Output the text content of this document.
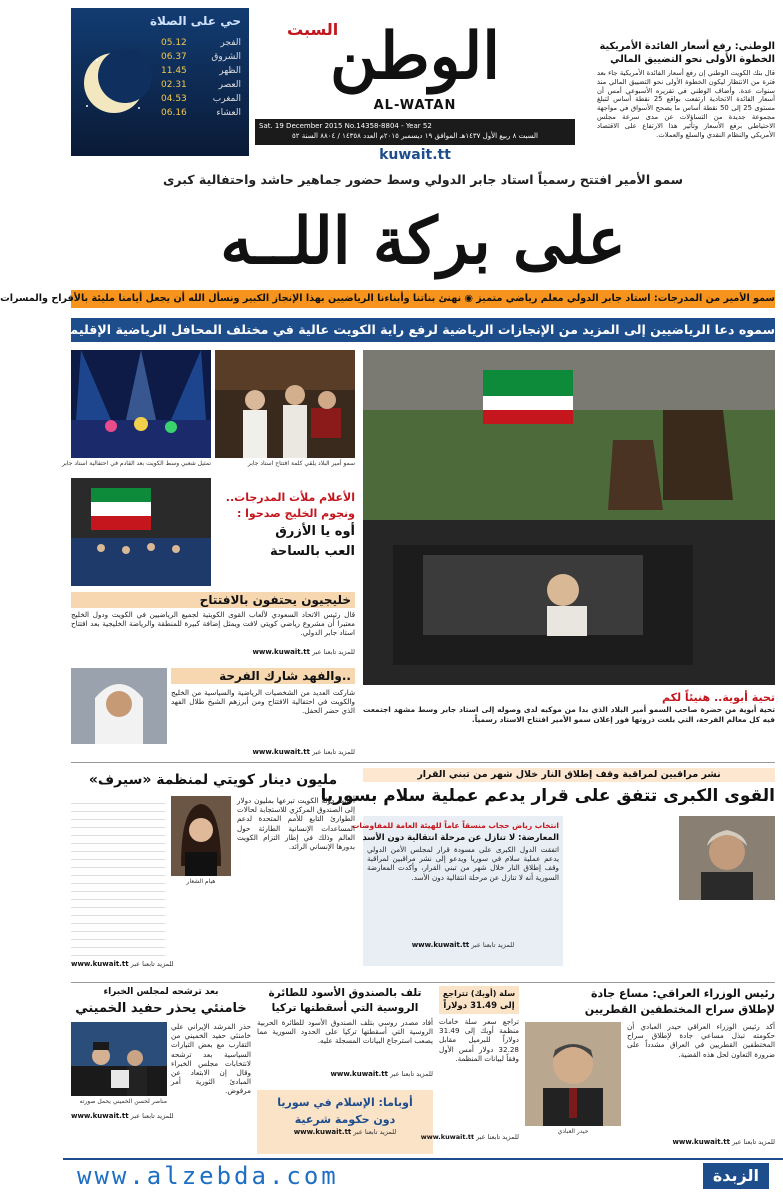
حي على الصلاة
الفجر
05.12
الشروق
06.37
الظهر
11.45
العصر
02.31
المغرب
04.53
العشاء
06.16
السبت
الوطن
AL-WATAN
Sat. 19 December 2015 No.14358-8804 - Year 52
السبت ٨ ربيع الأول ١٤٣٧هـ الموافق ١٩ ديسمبر ٢٠١٥م العدد ١٤٣٥٨ / ٨٨٠٤ السنة ٥٢
kuwait.tt
الوطني: رفع أسعار الفائدة الأمريكية
الخطوة الأولى نحو التضييق المالي
قال بنك الكويت الوطني إن رفع أسعار الفائدة الأمريكية جاء بعد فترة من الانتظار ليكون الخطوة الأولى نحو التضييق المالي منذ سنوات عدة. وأضاف الوطني في تقريره الأسبوعي أمس أن أسعار الفائدة الاتحادية ارتفعت بواقع 25 نقطة أساس لتبلغ مستوى 25 إلى 50 نقطة أساس ما يصحح الأسواق في مواجهة مجموعة جديدة من التساؤلات عن مدى سرعة مجلس الاحتياطي برفع الأسعار وتأثير هذا الارتفاع على الاقتصاد الأمريكي والنظام النقدي والسلع والعملات.
سمو الأمير افتتح رسمياً استاد جابر الدولي وسط حضور جماهير حاشد واحتفالية كبرى
على بركة اللــه
سمو الأمير من المدرجات: استاد جابر الدولي معلم رياضي متميز ◉ نهنئ بناتنا وأبناءنا الرياضيين بهذا الإنجاز الكبير ونسأل الله أن يجعل أيامنا مليئة بالأفراح والمسرات
سموه دعا الرياضيين إلى المزيد من الإنجازات الرياضية لرفع راية الكويت عالية في مختلف المحافل الرياضية الإقليمية والدولية
تمثيل شعبي وسط الكويت بعد القادم في احتفالية استاد جابر	سمو أمير البلاد يلقي كلمة افتتاح استاد جابر
تحية أبوية.. هنيئاً لكم
تحية أبوية من حضرة صاحب السمو أمير البلاد الذي بدا من موكبه لدى وصوله إلى استاد جابر وسط مشهد اجتمعت فيه كل معالم الفرحة، التي بلغت ذروتها فور إعلان سمو الأمير افتتاح الاستاد رسمياً.
الأعلام ملأت المدرجات..
ونجوم الخليج صدحوا :
أوه يا الأزرق
العب بالساحة
خليجيون يحتفون بالافتتاح
قال رئيس الاتحاد السعودي لألعاب القوى الكويتية لجميع الرياضيين في الكويت ودول الخليج معتبرا أن مشروع رياضي كويتي لافت ويمثل إضافة كبيرة للمنطقة والرياضة الخليجية بعد افتتاح استاد جابر الدولي.
للمزيد تابعنا عبر www.kuwait.tt
..والفهد شارك الفرحة
شاركت العديد من الشخصيات الرياضية والسياسية من الخليج والكويت في احتفالية الافتتاح ومن أبرزهم الشيخ طلال الفهد الذي حضر الحفل.
للمزيد تابعنا عبر www.kuwait.tt
نشر مراقبين لمراقبة وقف إطلاق النار خلال شهر من تبني القرار
القوى الكبرى تتفق على قرار يدعم عملية سلام بسوريا
انتخاب رياض حجاب منسقاً عاماً للهيئة العامة للمفاوضات
المعارضة: لا تنازل عن مرحلة انتقالية دون الأسد
اتفقت الدول الكبرى على مسودة قرار لمجلس الأمن الدولي يدعم عملية سلام في سوريا ويدعو إلى نشر مراقبين لمراقبة وقف إطلاق النار خلال شهر من تبني القرار، وأكدت المعارضة السورية أنه لا تنازل عن مرحلة انتقالية دون الأسد.
للمزيد تابعنا عبر www.kuwait.tt
مليون دينار كويتي لمنظمة «سيرف»
هيام الشعار
أعلنت دولة الكويت تبرعها بمليون دولار إلى الصندوق المركزي للاستجابة لحالات الطوارئ التابع للأمم المتحدة لدعم المساعدات الإنسانية الطارئة حول العالم وذلك في إطار التزام الكويت بدورها الإنساني الرائد.
للمزيد تابعنا عبر www.kuwait.tt
بعد ترشحه لمجلس الخبراء
خامنئي يحذر حفيد الخميني
مناصر لحسن الخميني يحمل صورته
حذر المرشد الإيراني علي خامنئي حفيد الخميني من التقارب مع بعض التيارات السياسية بعد ترشحه لانتخابات مجلس الخبراء وقال إن الابتعاد عن المبادئ الثورية أمر مرفوض.
للمزيد تابعنا عبر www.kuwait.tt
تلف بالصندوق الأسود للطائرة
الروسية التي أسقطتها تركيا
أفاد مصدر روسي بتلف الصندوق الأسود للطائرة الحربية الروسية التي أسقطتها تركيا على الحدود السورية مما يصعب استرجاع البيانات المسجلة عليه.
للمزيد تابعنا عبر www.kuwait.tt
أوباما: الإسلام في سوريا
دون حكومة شرعية
للمزيد تابعنا عبر www.kuwait.tt
سلة (أوبك) تتراجع
إلى 31.49 دولاراً
تراجع سعر سلة خامات منظمة أوبك إلى 31.49 دولاراً للبرميل مقابل 32.28 دولار أمس الأول وفقاً لبيانات المنظمة.
للمزيد تابعنا عبر www.kuwait.tt
رئيس الوزراء العراقي: مساع جادة
لإطلاق سراح المختطفين القطريين
حيدر العبادي
أكد رئيس الوزراء العراقي حيدر العبادي أن حكومته تبذل مساعي جادة لإطلاق سراح المختطفين القطريين في العراق مشدداً على ضرورة التعاون لحل هذه القضية.
للمزيد تابعنا عبر www.kuwait.tt
www.alzebda.com	الزبدة
